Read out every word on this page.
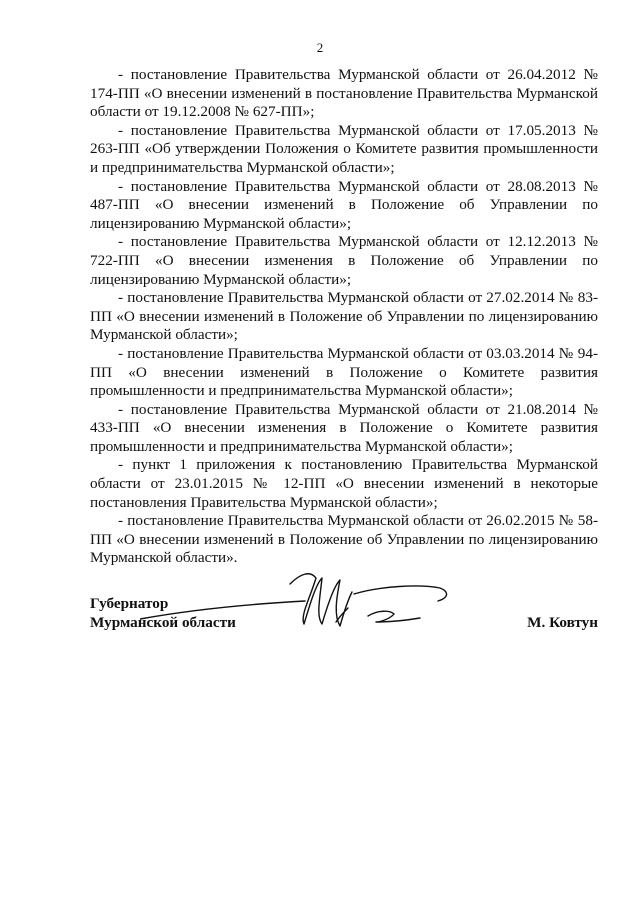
2

- постановление Правительства Мурманской области от 26.04.2012 № 174-ПП «О внесении изменений в постановление Правительства Мурманской области от 19.12.2008 № 627-ПП»;

- постановление Правительства Мурманской области от 17.05.2013 № 263-ПП «Об утверждении Положения о Комитете развития промышленности и предпринимательства Мурманской области»;

- постановление Правительства Мурманской области от 28.08.2013 № 487-ПП «О внесении изменений в Положение об Управлении по лицензированию Мурманской области»;

- постановление Правительства Мурманской области от 12.12.2013 № 722-ПП «О внесении изменения в Положение об Управлении по лицензированию Мурманской области»;

- постановление Правительства Мурманской области от 27.02.2014 № 83-ПП «О внесении изменений в Положение об Управлении по лицензированию Мурманской области»;

- постановление Правительства Мурманской области от 03.03.2014 № 94-ПП «О внесении изменений в Положение о Комитете развития промышленности и предпринимательства Мурманской области»;

- постановление Правительства Мурманской области от 21.08.2014 № 433-ПП «О внесении изменения в Положение о Комитете развития промышленности и предпринимательства Мурманской области»;

- пункт 1 приложения к постановлению Правительства Мурманской области от 23.01.2015 № 12-ПП «О внесении изменений в некоторые постановления Правительства Мурманской области»;

- постановление Правительства Мурманской области от 26.02.2015 № 58-ПП «О внесении изменений в Положение об Управлении по лицензированию Мурманской области».

Губернатор
Мурманской области	М. Ковтун
